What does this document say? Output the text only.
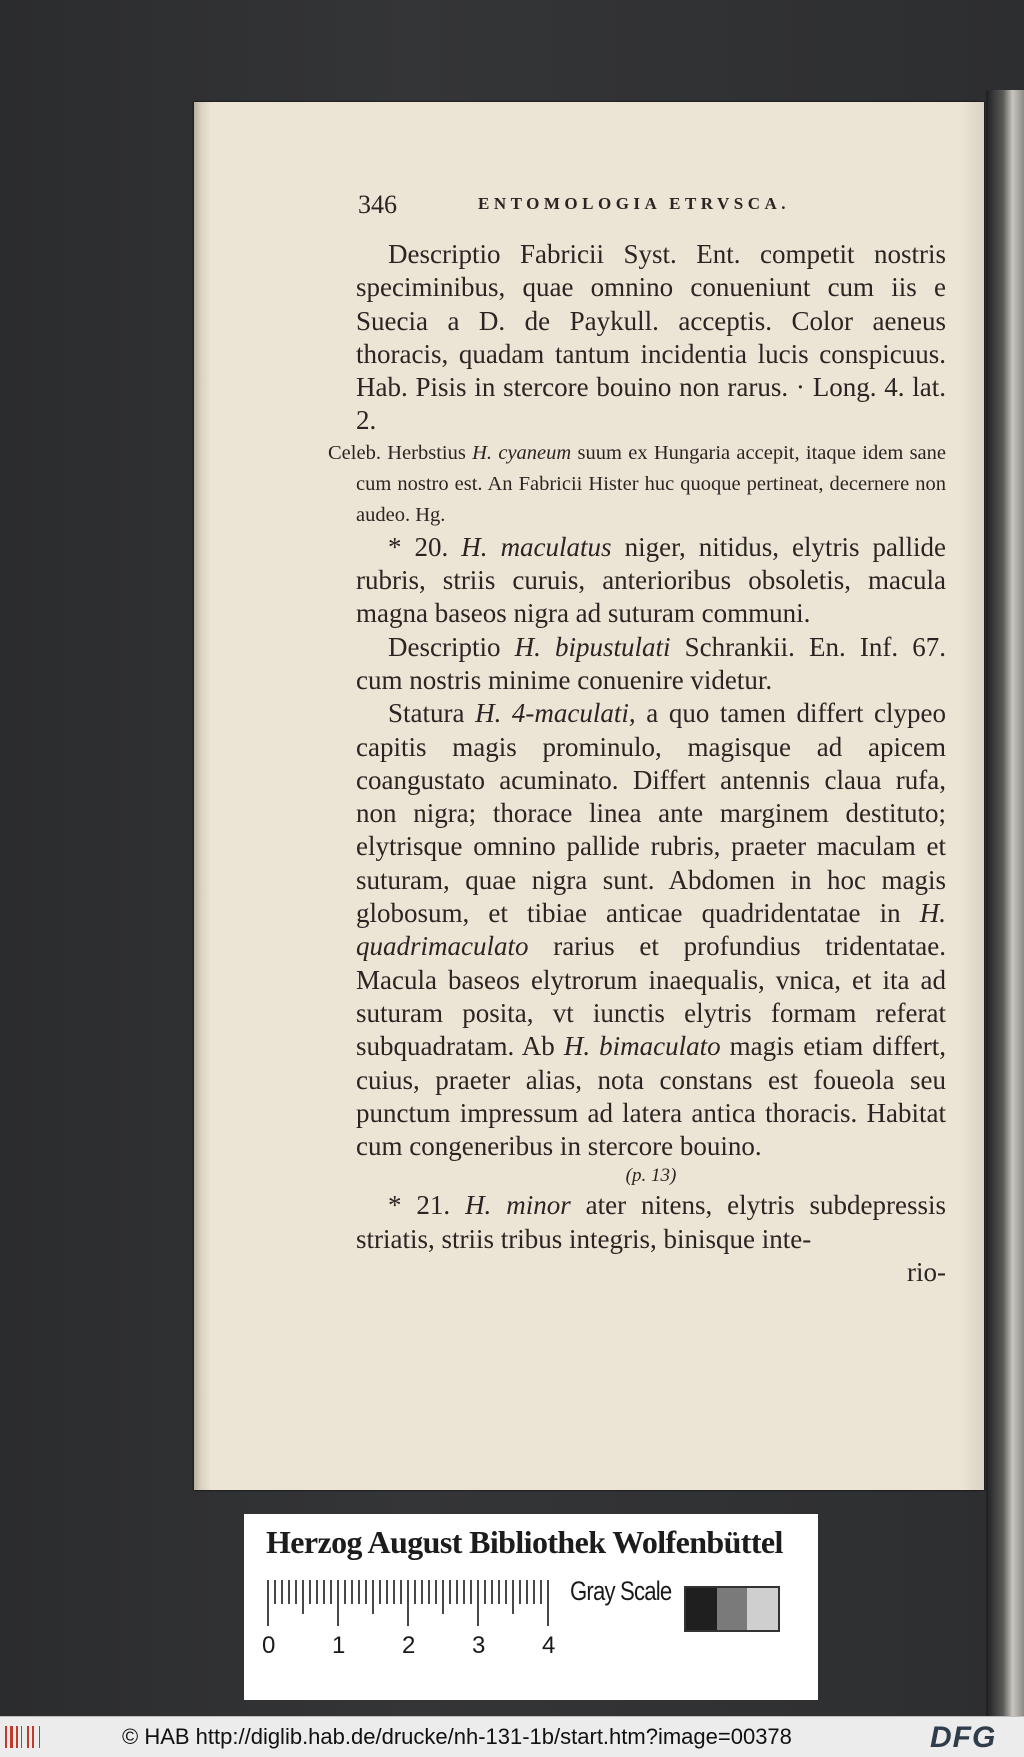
346	ENTOMOLOGIA ETRVSCA.

Descriptio Fabricii Syst. Ent. competit nostris speciminibus, quae omnino conueniunt cum iis e Suecia a D. de Paykull. acceptis. Color aeneus thoracis, quadam tantum incidentia lucis conspicuus. Hab. Pisis in stercore bouino non rarus. · Long. 4. lat. 2.

Celeb. Herbstius H. cyaneum suum ex Hungaria accepit, itaque idem sane cum nostro est. An Fabricii Hister huc quoque pertineat, decernere non audeo. Hg.

* 20. H. maculatus niger, nitidus, elytris pallide rubris, striis curuis, anterioribus obsoletis, macula magna baseos nigra ad suturam communi.

Descriptio H. bipustulati Schrankii. En. Inf. 67. cum nostris minime conuenire videtur.

Statura H. 4-maculati, a quo tamen differt clypeo capitis magis prominulo, magisque ad apicem coangustato acuminato. Differt antennis claua rufa, non nigra; thorace linea ante marginem destituto; elytrisque omnino pallide rubris, praeter maculam et suturam, quae nigra sunt. Abdomen in hoc magis globosum, et tibiae anticae quadridentatae in H. quadrimaculato rarius et profundius tridentatae. Macula baseos elytrorum inaequalis, vnica, et ita ad suturam posita, vt iunctis elytris formam referat subquadratam. Ab H. bimaculato magis etiam differt, cuius, praeter alias, nota constans est foueola seu punctum impressum ad latera antica thoracis. Habitat cum congeneribus in stercore bouino.

(p. 13)

* 21. H. minor ater nitens, elytris subdepressis striatis, striis tribus integris, binisque inte-

rio-

Herzog August Bibliothek Wolfenbüttel
0 1 2 3 4
Gray Scale
© HAB http://diglib.hab.de/drucke/nh-131-1b/start.htm?image=00378	DFG
